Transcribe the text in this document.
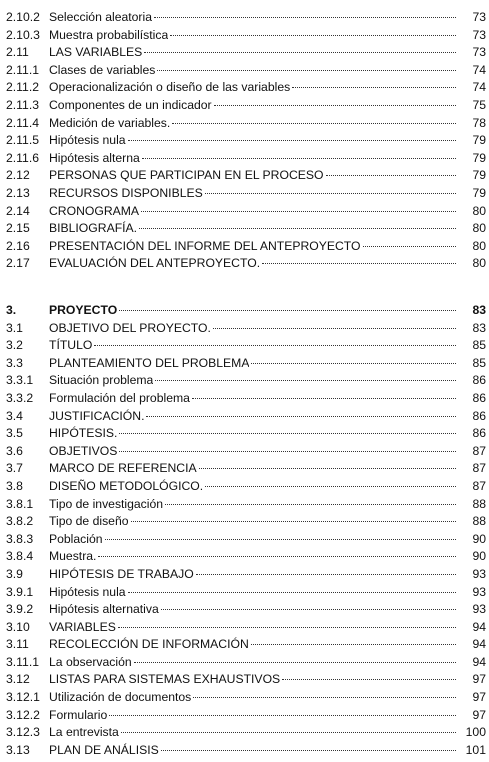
2.10.2 Selección aleatoria	73
2.10.3 Muestra probabilística	73
2.11	LAS VARIABLES	73
2.11.1 Clases de variables	74
2.11.2 Operacionalización o diseño de las variables	74
2.11.3 Componentes de un indicador	75
2.11.4 Medición de variables.	78
2.11.5 Hipótesis nula	79
2.11.6 Hipótesis alterna	79
2.12	PERSONAS QUE PARTICIPAN EN EL PROCESO	79
2.13	RECURSOS DISPONIBLES	79
2.14	CRONOGRAMA	80
2.15	BIBLIOGRAFÍA.	80
2.16	PRESENTACIÓN DEL INFORME DEL ANTEPROYECTO	80
2.17	EVALUACIÓN DEL ANTEPROYECTO.	80
3.	PROYECTO	83
3.1	OBJETIVO DEL PROYECTO.	83
3.2	TÍTULO	85
3.3	PLANTEAMIENTO DEL PROBLEMA	85
3.3.1	Situación problema	86
3.3.2	Formulación del problema	86
3.4	JUSTIFICACIÓN.	86
3.5	HIPÓTESIS.	86
3.6	OBJETIVOS	87
3.7	MARCO DE REFERENCIA	87
3.8	DISEÑO METODOLÓGICO.	87
3.8.1	Tipo de investigación	88
3.8.2	Tipo de diseño	88
3.8.3	Población	90
3.8.4	Muestra.	90
3.9	HIPÓTESIS DE TRABAJO	93
3.9.1	Hipótesis nula	93
3.9.2	Hipótesis alternativa	93
3.10	VARIABLES	94
3.11	RECOLECCIÓN DE INFORMACIÓN	94
3.11.1 La observación	94
3.12	LISTAS PARA SISTEMAS EXHAUSTIVOS	97
3.12.1 Utilización de documentos	97
3.12.2 Formulario	97
3.12.3 La entrevista	100
3.13	PLAN DE ANÁLISIS	101
